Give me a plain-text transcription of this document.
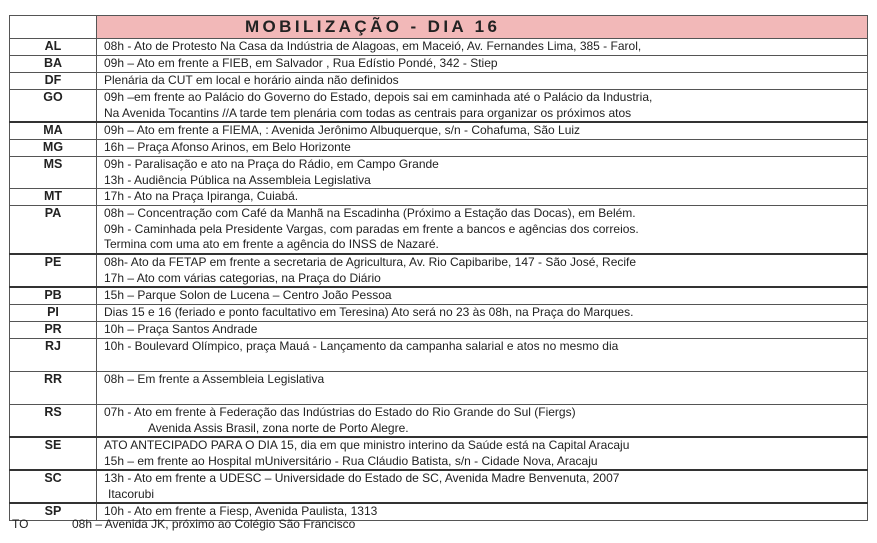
	MOBILIZAÇÃO - DIA 16
AL	08h - Ato de Protesto Na Casa da Indústria de Alagoas, em Maceió, Av. Fernandes Lima, 385 - Farol,

BA	09h – Ato em frente a FIEB, em Salvador , Rua Edístio Pondé, 342 - Stiep

DF	Plenária da CUT em local e horário ainda não definidos

GO	09h –em frente ao Palácio do Governo do Estado, depois sai em caminhada até o Palácio da Industria,
Na Avenida Tocantins //A tarde tem plenária com todas as centrais para organizar os próximos atos

MA	09h – Ato em frente a FIEMA, : Avenida Jerônimo Albuquerque, s/n - Cohafuma, São Luiz

MG	16h – Praça Afonso Arinos, em Belo Horizonte

MS	09h - Paralisação e ato na Praça do Rádio, em Campo Grande
13h - Audiência Pública na Assembleia Legislativa

MT	17h - Ato na Praça Ipiranga, Cuiabá.

PA	08h – Concentração com Café da Manhã na Escadinha (Próximo a Estação das Docas), em Belém.
09h - Caminhada pela Presidente Vargas, com paradas em frente a bancos e agências dos correios.
Termina com uma ato em frente a agência do INSS de Nazaré.

PE	08h- Ato da FETAP em frente a secretaria de Agricultura, Av. Rio Capibaribe, 147 - São José, Recife
17h – Ato com várias categorias, na Praça do Diário

PB	15h – Parque Solon de Lucena – Centro João Pessoa

PI	Dias 15 e 16 (feriado e ponto facultativo em Teresina) Ato será no 23 às 08h, na Praça do Marques.

PR	10h – Praça Santos Andrade

RJ	10h - Boulevard Olímpico, praça Mauá - Lançamento da campanha salarial e atos no mesmo dia

RR	08h – Em frente a Assembleia Legislativa

RS	07h - Ato em frente à Federação das Indústrias do Estado do Rio Grande do Sul (Fiergs)
Avenida Assis Brasil, zona norte de Porto Alegre.

SE	ATO ANTECIPADO PARA O DIA 15, dia em que ministro interino da Saúde está na Capital Aracaju
15h – em frente ao Hospital mUniversitário - Rua Cláudio Batista, s/n - Cidade Nova, Aracaju

SC	13h - Ato em frente a UDESC – Universidade do Estado de SC, Avenida Madre Benvenuta, 2007
Itacorubi

SP	10h - Ato em frente a Fiesp, Avenida Paulista, 1313
TO	08h – Avenida JK, próximo ao Colégio São Francisco
